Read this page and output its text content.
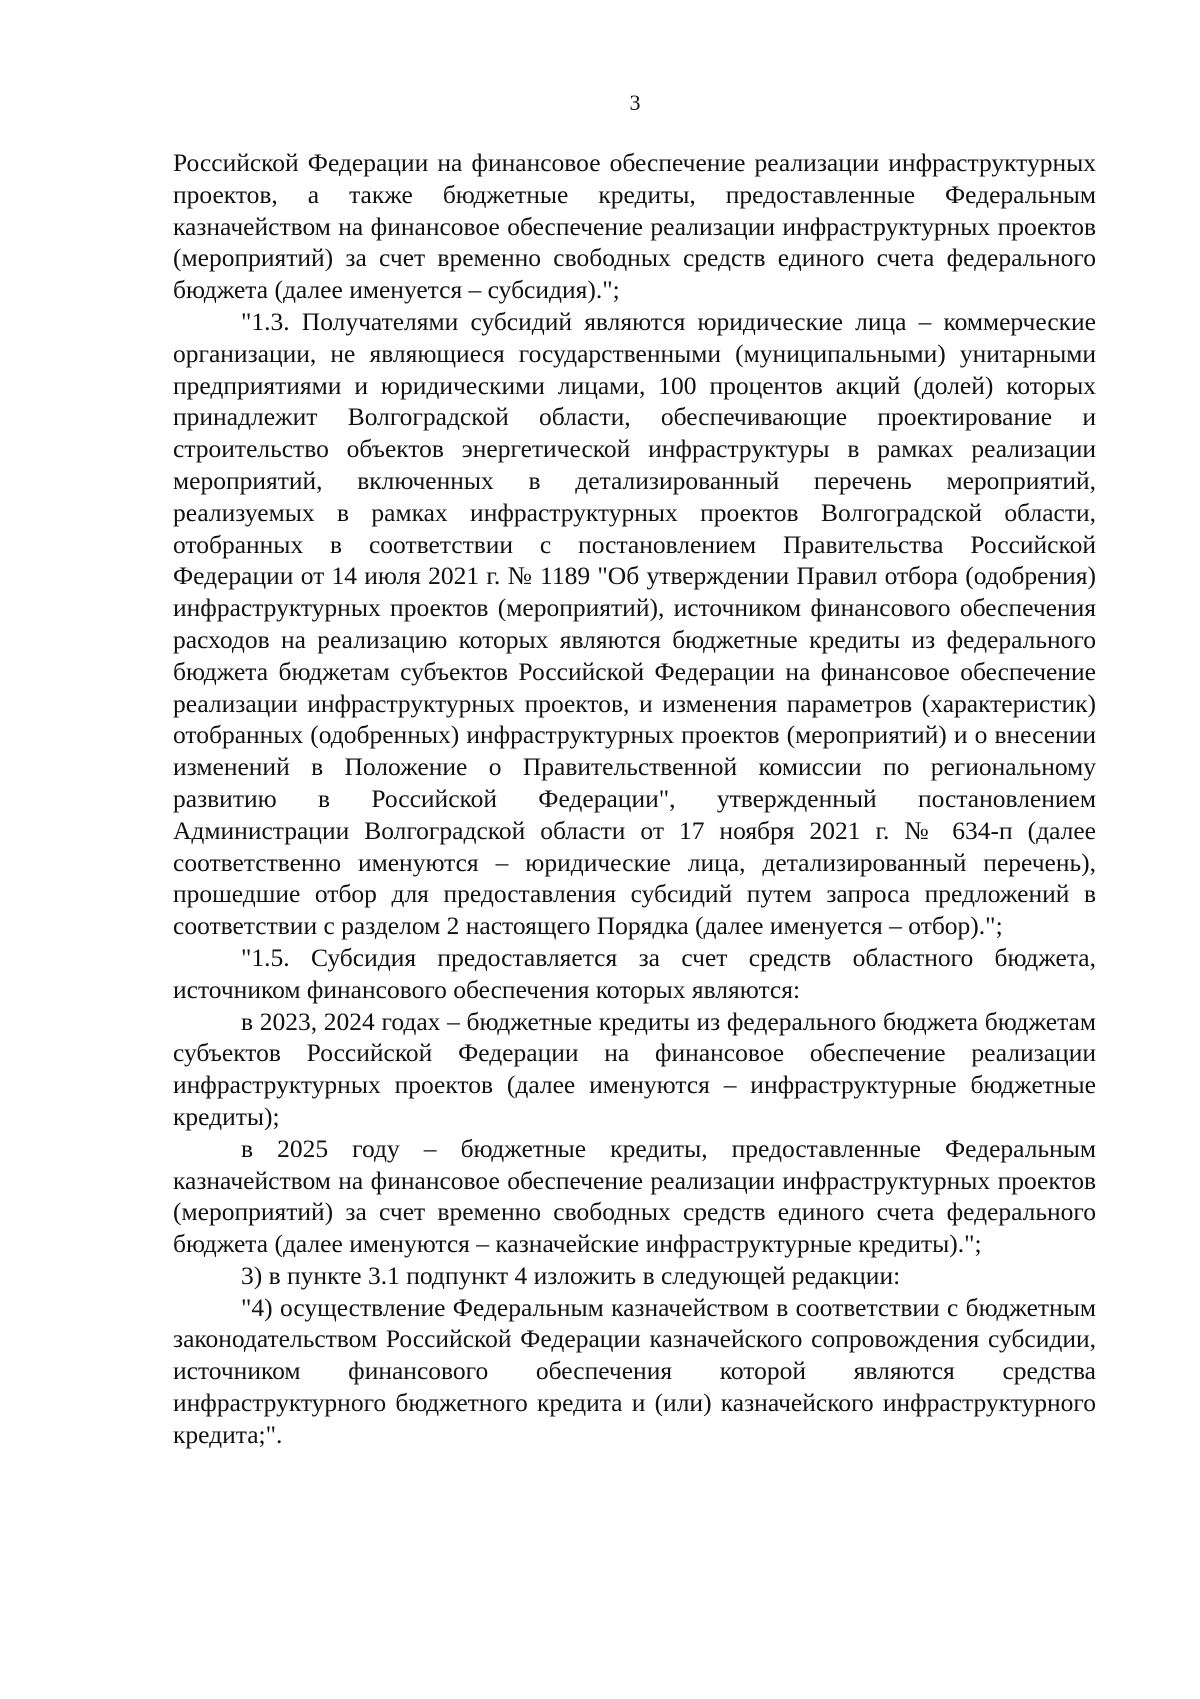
3

Российской Федерации на финансовое обеспечение реализации инфраструктурных проектов, а также бюджетные кредиты, предоставленные Федеральным казначейством на финансовое обеспечение реализации инфраструктурных проектов (мероприятий) за счет временно свободных средств единого счета федерального бюджета (далее именуется – субсидия).";

"1.3. Получателями субсидий являются юридические лица – коммерческие организации, не являющиеся государственными (муниципальными) унитарными предприятиями и юридическими лицами, 100 процентов акций (долей) которых принадлежит Волгоградской области, обеспечивающие проектирование и строительство объектов энергетической инфраструктуры в рамках реализации мероприятий, включенных в детализированный перечень мероприятий, реализуемых в рамках инфраструктурных проектов Волгоградской области, отобранных в соответствии с постановлением Правительства Российской Федерации от 14 июля 2021 г. № 1189 "Об утверждении Правил отбора (одобрения) инфраструктурных проектов (мероприятий), источником финансового обеспечения расходов на реализацию которых являются бюджетные кредиты из федерального бюджета бюджетам субъектов Российской Федерации на финансовое обеспечение реализации инфраструктурных проектов, и изменения параметров (характеристик) отобранных (одобренных) инфраструктурных проектов (мероприятий) и о внесении изменений в Положение о Правительственной комиссии по региональному развитию в Российской Федерации", утвержденный постановлением Администрации Волгоградской области от 17 ноября 2021 г. № 634-п (далее соответственно именуются – юридические лица, детализированный перечень), прошедшие отбор для предоставления субсидий путем запроса предложений в соответствии с разделом 2 настоящего Порядка (далее именуется – отбор).";

"1.5. Субсидия предоставляется за счет средств областного бюджета, источником финансового обеспечения которых являются:

в 2023, 2024 годах – бюджетные кредиты из федерального бюджета бюджетам субъектов Российской Федерации на финансовое обеспечение реализации инфраструктурных проектов (далее именуются – инфраструктурные бюджетные кредиты);

в 2025 году – бюджетные кредиты, предоставленные Федеральным казначейством на финансовое обеспечение реализации инфраструктурных проектов (мероприятий) за счет временно свободных средств единого счета федерального бюджета (далее именуются – казначейские инфраструктурные кредиты).";

3) в пункте 3.1 подпункт 4 изложить в следующей редакции:

"4) осуществление Федеральным казначейством в соответствии с бюджетным законодательством Российской Федерации казначейского сопровождения субсидии, источником финансового обеспечения которой являются средства инфраструктурного бюджетного кредита и (или) казначейского инфраструктурного кредита;".
